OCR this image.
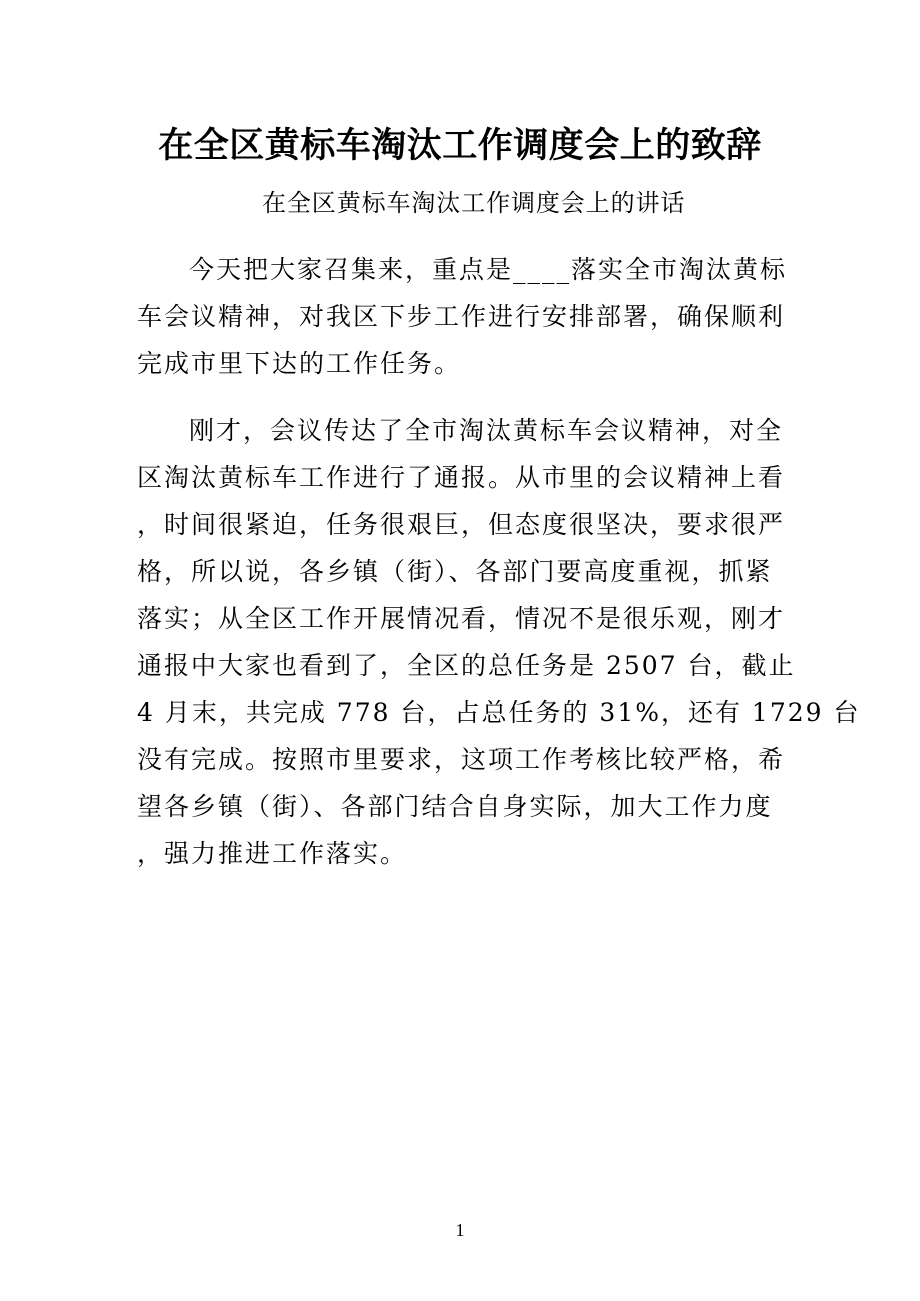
在全区黄标车淘汰工作调度会上的致辞
在全区黄标车淘汰工作调度会上的讲话
今天把大家召集来，重点是____落实全市淘汰黄标
车会议精神，对我区下步工作进行安排部署，确保顺利
完成市里下达的工作任务。
刚才，会议传达了全市淘汰黄标车会议精神，对全
区淘汰黄标车工作进行了通报。从市里的会议精神上看
，时间很紧迫，任务很艰巨，但态度很坚决，要求很严
格，所以说，各乡镇（街）、各部门要高度重视，抓紧
落实；从全区工作开展情况看，情况不是很乐观，刚才
通报中大家也看到了，全区的总任务是 2507 台，截止
4 月末，共完成 778 台，占总任务的 31%，还有 1729 台
没有完成。按照市里要求，这项工作考核比较严格，希
望各乡镇（街）、各部门结合自身实际，加大工作力度
，强力推进工作落实。
1
